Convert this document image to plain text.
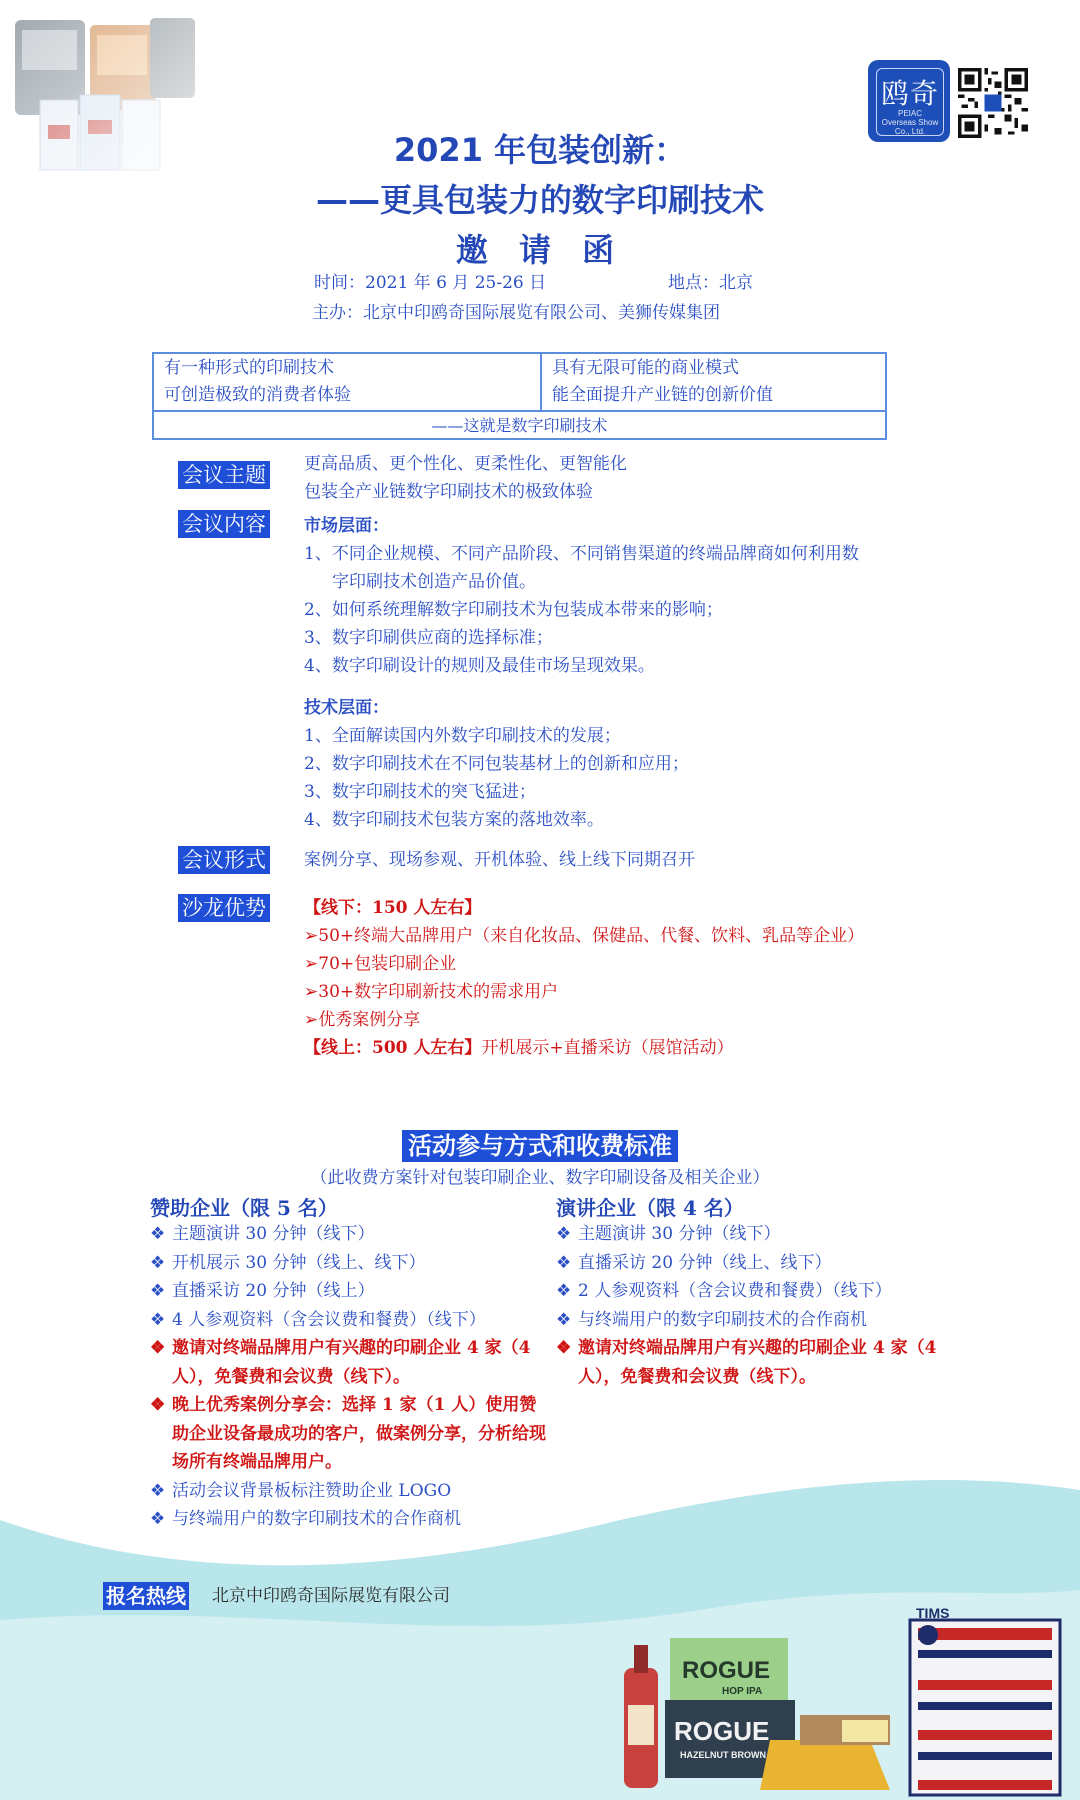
鸥奇
PEIAC
Overseas Show Co., Ltd.
2021 年包装创新：
——更具包装力的数字印刷技术
邀 请 函
时间：2021 年 6 月 25-26 日	地点：北京
主办：北京中印鸥奇国际展览有限公司、美狮传媒集团
有一种形式的印刷技术
可创造极致的消费者体验
具有无限可能的商业模式
能全面提升产业链的创新价值
——这就是数字印刷技术
会议主题 更高品质、更个性化、更柔性化、更智能化
包装全产业链数字印刷技术的极致体验
会议内容 市场层面：
1、不同企业规模、不同产品阶段、不同销售渠道的终端品牌商如何利用数
字印刷技术创造产品价值。
2、如何系统理解数字印刷技术为包装成本带来的影响；
3、数字印刷供应商的选择标准；
4、数字印刷设计的规则及最佳市场呈现效果。
技术层面：
1、全面解读国内外数字印刷技术的发展；
2、数字印刷技术在不同包装基材上的创新和应用；
3、数字印刷技术的突飞猛进；
4、数字印刷技术包装方案的落地效率。
会议形式 案例分享、现场参观、开机体验、线上线下同期召开
沙龙优势 【线下：150 人左右】
➢50+终端大品牌用户（来自化妆品、保健品、代餐、饮料、乳品等企业）
➢70+包装印刷企业
➢30+数字印刷新技术的需求用户
➢优秀案例分享
【线上：500 人左右】开机展示+直播采访（展馆活动）
活动参与方式和收费标准
（此收费方案针对包装印刷企业、数字印刷设备及相关企业）
赞助企业（限 5 名）
❖ 主题演讲 30 分钟（线下）
❖ 开机展示 30 分钟（线上、线下）
❖ 直播采访 20 分钟（线上）
❖ 4 人参观资料（含会议费和餐费）（线下）
❖ 邀请对终端品牌用户有兴趣的印刷企业 4 家（4 人），免餐费和会议费（线下）。
❖ 晚上优秀案例分享会：选择 1 家（1 人）使用赞助企业设备最成功的客户，做案例分享，分析给现场所有终端品牌用户。
❖ 活动会议背景板标注赞助企业 LOGO
❖ 与终端用户的数字印刷技术的合作商机
演讲企业（限 4 名）
❖ 主题演讲 30 分钟（线下）
❖ 直播采访 20 分钟（线上、线下）
❖ 2 人参观资料（含会议费和餐费）（线下）
❖ 与终端用户的数字印刷技术的合作商机
❖ 邀请对终端品牌用户有兴趣的印刷企业 4 家（4 人），免餐费和会议费（线下）。
报名热线 北京中印鸥奇国际展览有限公司
ROGUE
HOP IPA
ROGUE
HAZELNUT BROWN
TIMS
